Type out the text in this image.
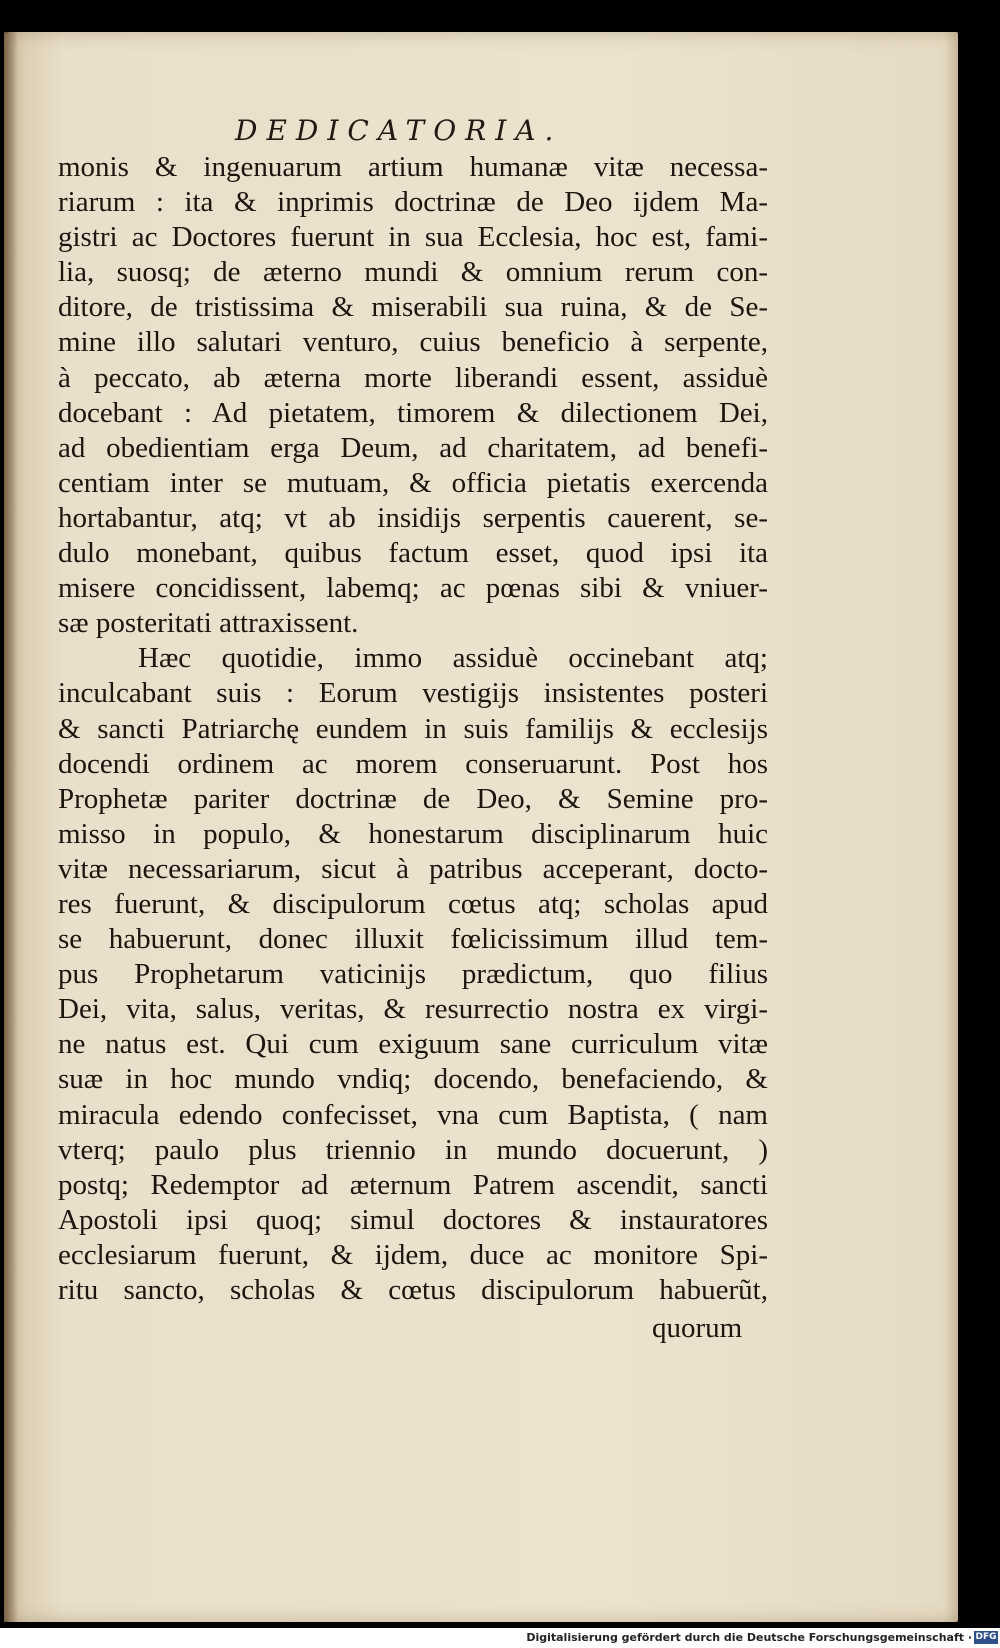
DEDICATORIA.
monis & ingenuarum artium humanæ vitæ necessa-
riarum : ita & inprimis doctrinæ de Deo ijdem Ma-
gistri ac Doctores fuerunt in sua Ecclesia, hoc est, fami-
lia, suosq; de æterno mundi & omnium rerum con-
ditore, de tristissima & miserabili sua ruina, & de Se-
mine illo salutari venturo, cuius beneficio à serpente,
à peccato, ab æterna morte liberandi essent, assiduè
docebant : Ad pietatem, timorem & dilectionem Dei,
ad obedientiam erga Deum, ad charitatem, ad benefi-
centiam inter se mutuam, & officia pietatis exercenda
hortabantur, atq; vt ab insidijs serpentis cauerent, se-
dulo monebant, quibus factum esset, quod ipsi ita
misere concidissent, labemq; ac pœnas sibi & vniuer-
sæ posteritati attraxissent.
Hæc quotidie, immo assiduè occinebant atq;
inculcabant suis : Eorum vestigijs insistentes posteri
& sancti Patriarchę eundem in suis familijs & ecclesijs
docendi ordinem ac morem conseruarunt. Post hos
Prophetæ pariter doctrinæ de Deo, & Semine pro-
misso in populo, & honestarum disciplinarum huic
vitæ necessariarum, sicut à patribus acceperant, docto-
res fuerunt, & discipulorum cœtus atq; scholas apud
se habuerunt, donec illuxit fœlicissimum illud tem-
pus Prophetarum vaticinijs prædictum, quo filius
Dei, vita, salus, veritas, & resurrectio nostra ex virgi-
ne natus est. Qui cum exiguum sane curriculum vitæ
suæ in hoc mundo vndiq; docendo, benefaciendo, &
miracula edendo confecisset, vna cum Baptista, ( nam
vterq; paulo plus triennio in mundo docuerunt, )
postq; Redemptor ad æternum Patrem ascendit, sancti
Apostoli ipsi quoq; simul doctores & instauratores
ecclesiarum fuerunt, & ijdem, duce ac monitore Spi-
ritu sancto, scholas & cœtus discipulorum habuerũt,
quorum
Digitalisierung gefördert durch die Deutsche Forschungsgemeinschaft · DFG
